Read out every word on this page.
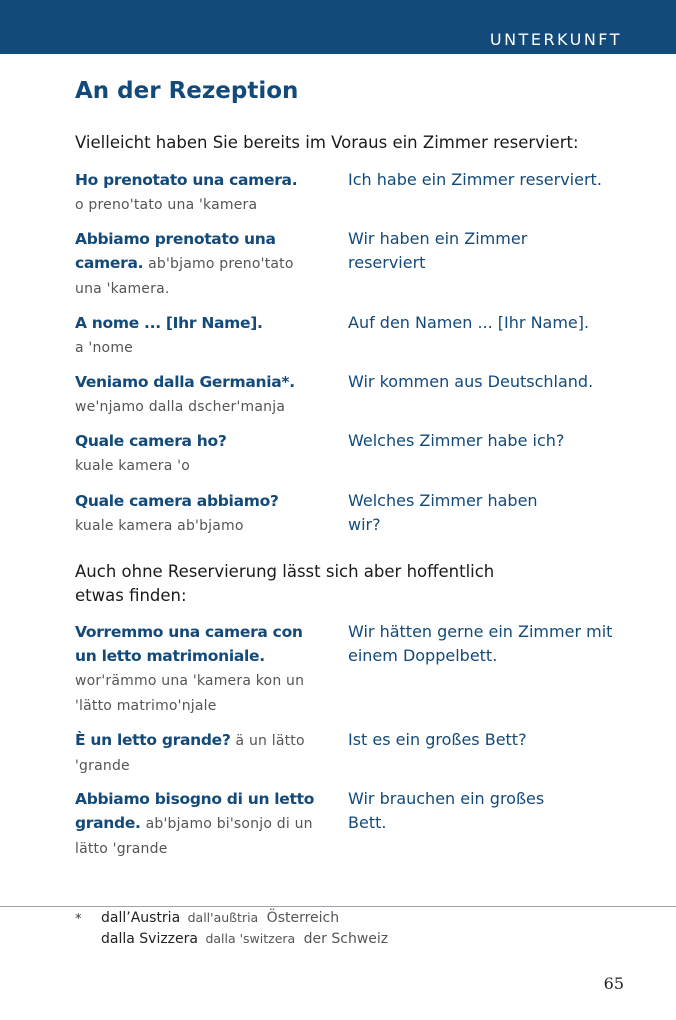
UNTERKUNFT
An der Rezeption
Vielleicht haben Sie bereits im Voraus ein Zimmer reserviert:
Ho prenotato una camera.
o preno'tato una 'kamera
Ich habe ein Zimmer reserviert.
Abbiamo prenotato una camera. ab'bjamo preno'tato una 'kamera.
Wir haben ein Zimmer reserviert
A nome ... [Ihr Name].
a 'nome
Auf den Namen ... [Ihr Name].
Veniamo dalla Germania*.
we'njamo dalla dscher'manja
Wir kommen aus Deutschland.
Quale camera ho?
kuale kamera 'o
Welches Zimmer habe ich?
Quale camera abbiamo?
kuale kamera ab'bjamo
Welches Zimmer haben wir?
Auch ohne Reservierung lässt sich aber hoffentlich etwas finden:
Vorremmo una camera con un letto matrimoniale.
wor'rämmo una 'kamera kon un 'lätto matrimo'njale
Wir hätten gerne ein Zimmer mit einem Doppelbett.
È un letto grande? ä un lätto 'grande
Ist es ein großes Bett?
Abbiamo bisogno di un letto grande. ab'bjamo bi'sonjo di un lätto 'grande
Wir brauchen ein großes Bett.
* dall’Austria dall'außtria Österreich
dalla Svizzera dalla 'switzera der Schweiz
65
